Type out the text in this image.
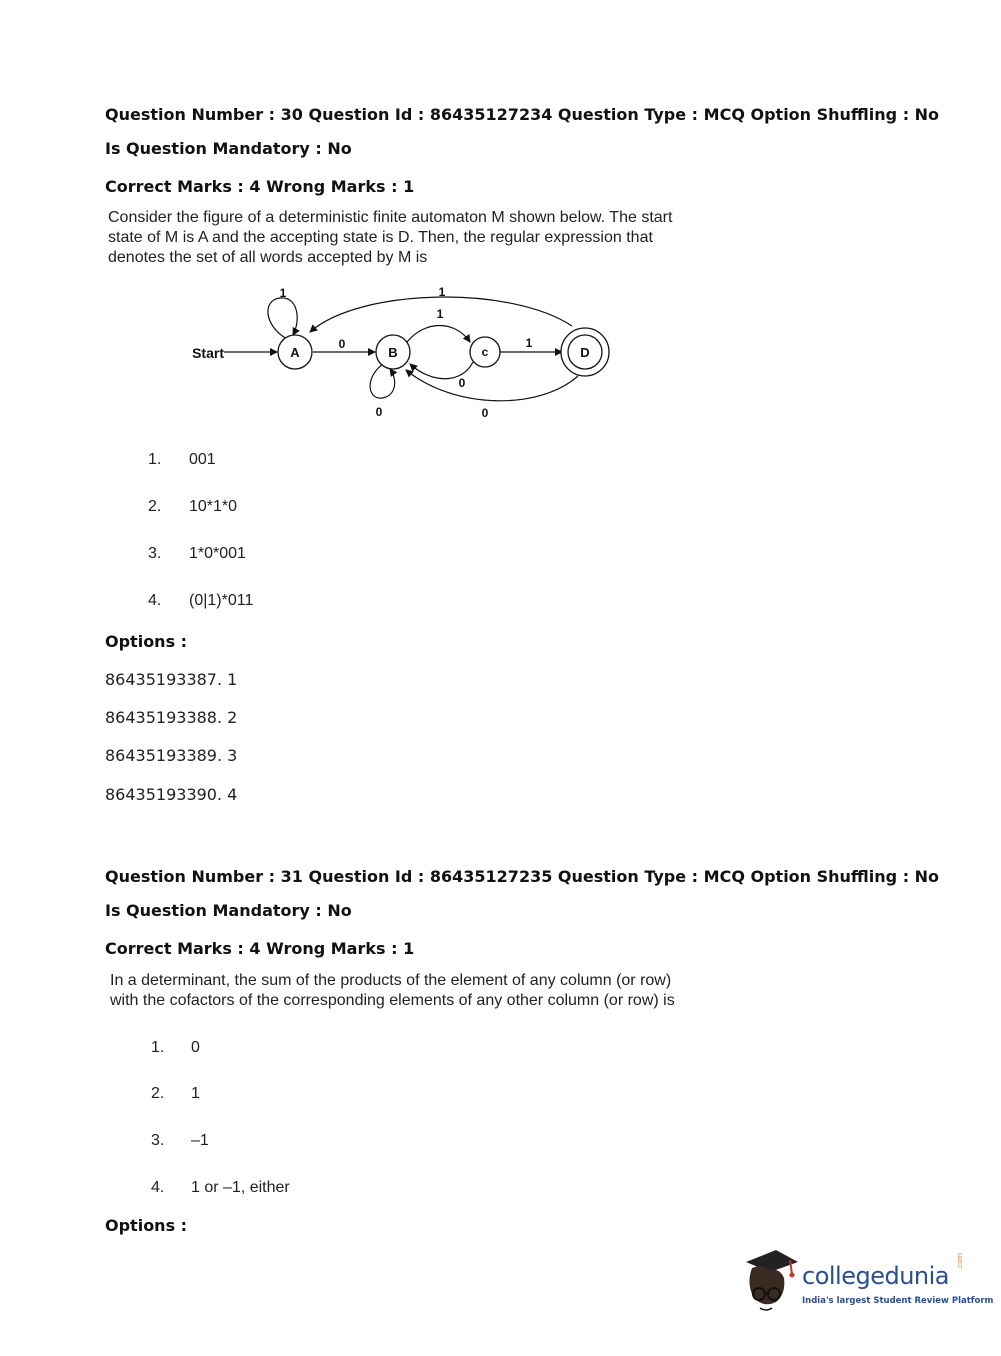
Question Number : 30 Question Id : 86435127234 Question Type : MCQ Option Shuffling : No
Is Question Mandatory : No
Correct Marks : 4 Wrong Marks : 1
Consider the figure of a deterministic finite automaton M shown below. The start
state of M is A and the accepting state is D. Then, the regular expression that
denotes the set of all words accepted by M is
Start	A	B	c	D
1
0
1
1
0
1
0	0
1. 001
2. 10*1*0
3. 1*0*001
4. (0|1)*011
Options :
86435193387. 1
86435193388. 2
86435193389. 3
86435193390. 4
Question Number : 31 Question Id : 86435127235 Question Type : MCQ Option Shuffling : No
Is Question Mandatory : No
Correct Marks : 4 Wrong Marks : 1
In a determinant, the sum of the products of the element of any column (or row)
with the cofactors of the corresponding elements of any other column (or row) is
1. 0
2. 1
3. –1
4. 1 or –1, either
Options :
collegedunia
.com
India's largest Student Review Platform
